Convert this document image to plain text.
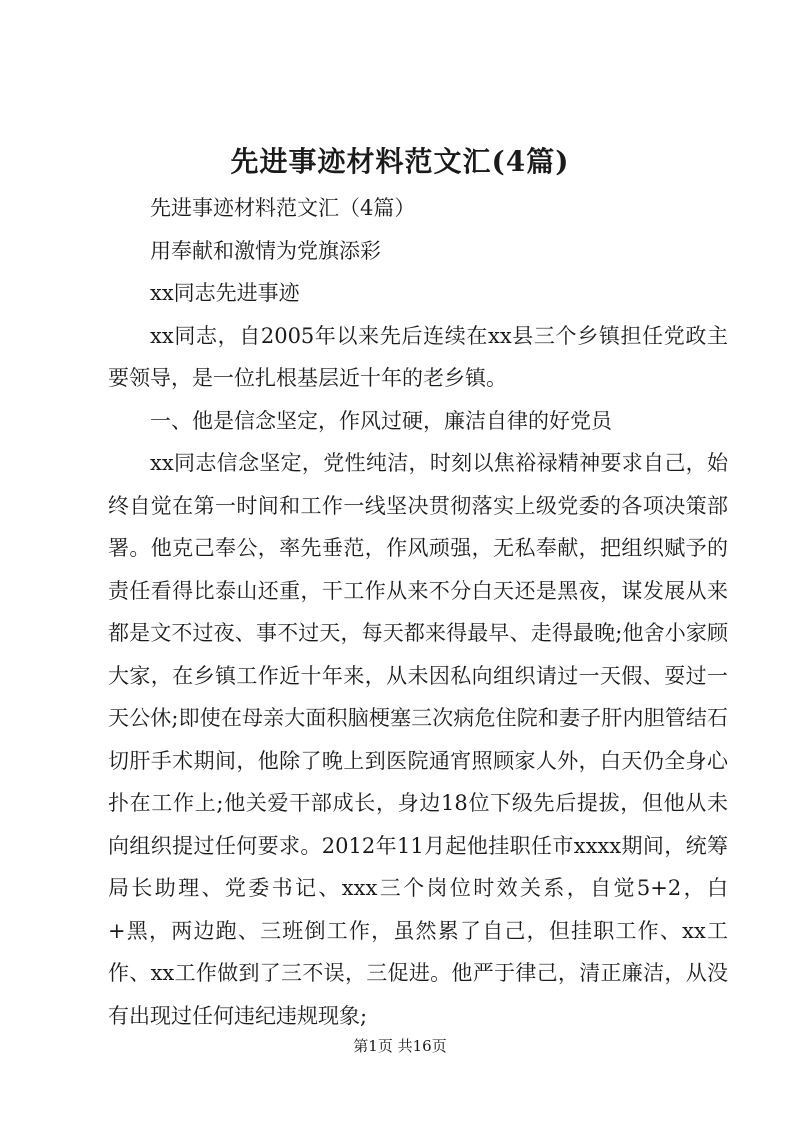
先进事迹材料范文汇(4篇)

先进事迹材料范文汇（4篇）

用奉献和激情为党旗添彩

xx同志先进事迹

xx同志，自2005年以来先后连续在xx县三个乡镇担任党政主要领导，是一位扎根基层近十年的老乡镇。

一、他是信念坚定，作风过硬，廉洁自律的好党员

xx同志信念坚定，党性纯洁，时刻以焦裕禄精神要求自己，始终自觉在第一时间和工作一线坚决贯彻落实上级党委的各项决策部署。他克己奉公，率先垂范，作风顽强，无私奉献，把组织赋予的责任看得比泰山还重，干工作从来不分白天还是黑夜，谋发展从来都是文不过夜、事不过天，每天都来得最早、走得最晚;他舍小家顾大家，在乡镇工作近十年来，从未因私向组织请过一天假、耍过一天公休;即使在母亲大面积脑梗塞三次病危住院和妻子肝内胆管结石切肝手术期间，他除了晚上到医院通宵照顾家人外，白天仍全身心扑在工作上;他关爱干部成长，身边18位下级先后提拔，但他从未向组织提过任何要求。2012年11月起他挂职任市xxxx期间，统筹局长助理、党委书记、xxx三个岗位时效关系，自觉5+2，白+黑，两边跑、三班倒工作，虽然累了自己，但挂职工作、xx工作、xx工作做到了三不误，三促进。他严于律己，清正廉洁，从没有出现过任何违纪违规现象;

第1页 共16页
